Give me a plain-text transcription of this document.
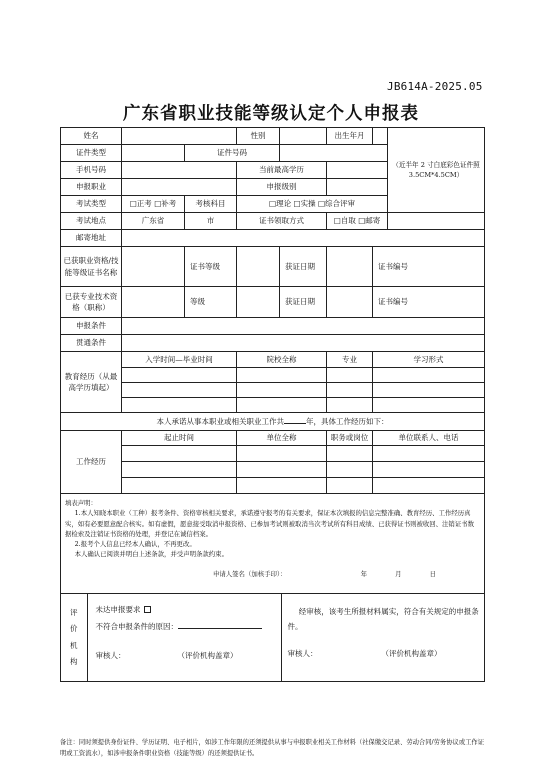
JB614A-2025.05
广东省职业技能等级认定个人申报表
姓名		性别		出生年月		（近半年 2 寸白底彩色证件照 3.5CM*4.5CM）
证件类型		证件号码	
手机号码		当前最高学历	
申报职业		申报级别	
考试类型	□正考 □补考	考核科目	□理论 □实操 □综合评审
考试地点	广东省	市	证书领取方式	□自取 □邮寄	
邮寄地址	
已获职业资格/技能等级证书名称		证书等级		获证日期		证书编号
已获专业技术资格（职称）		等级		获证日期		证书编号
申报条件	
贯通条件	
教育经历（从最高学历填起）	入学时间—毕业时间	院校全称	专业	学习形式

本人承诺从事本职业或相关职业工作共	年，具体工作经历如下：
工作经历	起止时间	单位全称	职务或岗位	单位联系人、电话

填表声明：

1.本人知晓本职业（工种）报考条件、资格审核相关要求，承诺遵守报考的有关要求，保证本次填报的信息完整准确、教育经历、工作经历真实，如有必要愿意配合核实。如有虚假，愿意接受取消申报资格、已参加考试则被取消当次考试所有科目成绩、已获得证书则被收回、注销证书数据检索及注销证书资格的处理，并登记在诚信档案。

2.报考个人信息已经本人确认，不再更改。

本人确认已阅读并明白上述条款，并受声明条款约束。

申请人签名（加核手印）：	年	月	日

评价机构	
未达申报要求
不符合申报条件的原因：
审核人：	（评价机构盖章）

经审核，该考生所报材料属实，符合有关规定的申报条件。
审核人：	（评价机构盖章）
备注：同时须提供身份证件、学历证明、电子相片，如涉工作年限的还须提供从事与申报职业相关工作材料（社保缴交记录、劳动合同/劳务协议或工作证明或工资流水），如涉申报条件职业资格（技能等级）的还须提供证书。
